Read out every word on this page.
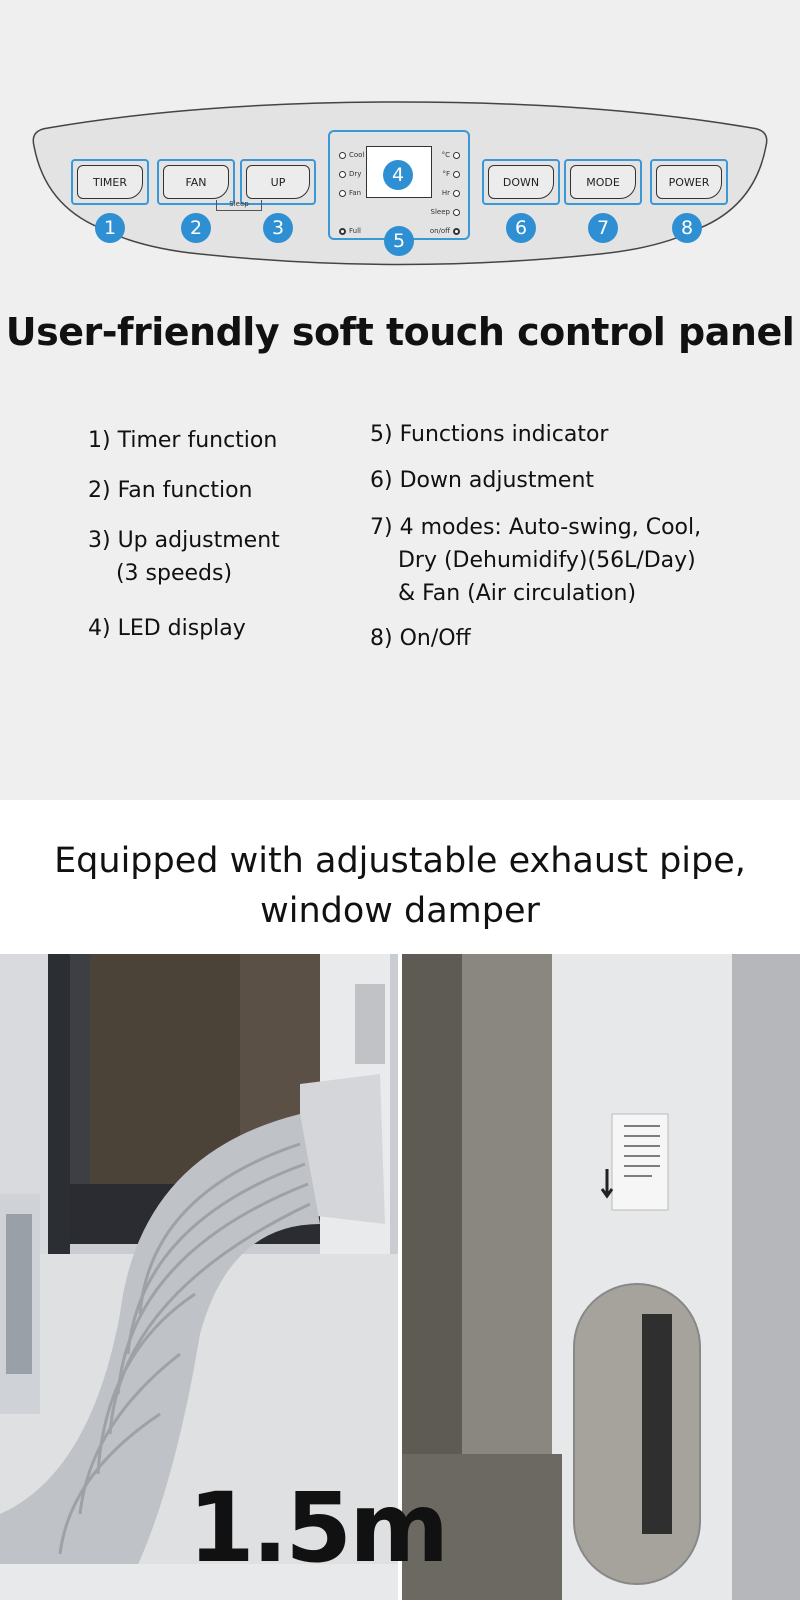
TIMER	FAN	UP
Sleep
DOWN	MODE	POWER
Cool
Dry
Fan
Full
°C
°F
Hr
Sleep
on/off
1	2	3
4
5
6	7	8
User-friendly soft touch control panel
1) Timer function
2) Fan function
3) Up adjustment
(3 speeds)
4) LED display
5) Functions indicator
6) Down adjustment
7) 4 modes: Auto-swing, Cool,
Dry (Dehumidify)(56L/Day)
& Fan (Air circulation)
8) On/Off
Equipped with adjustable exhaust pipe,
window damper
1.5m
